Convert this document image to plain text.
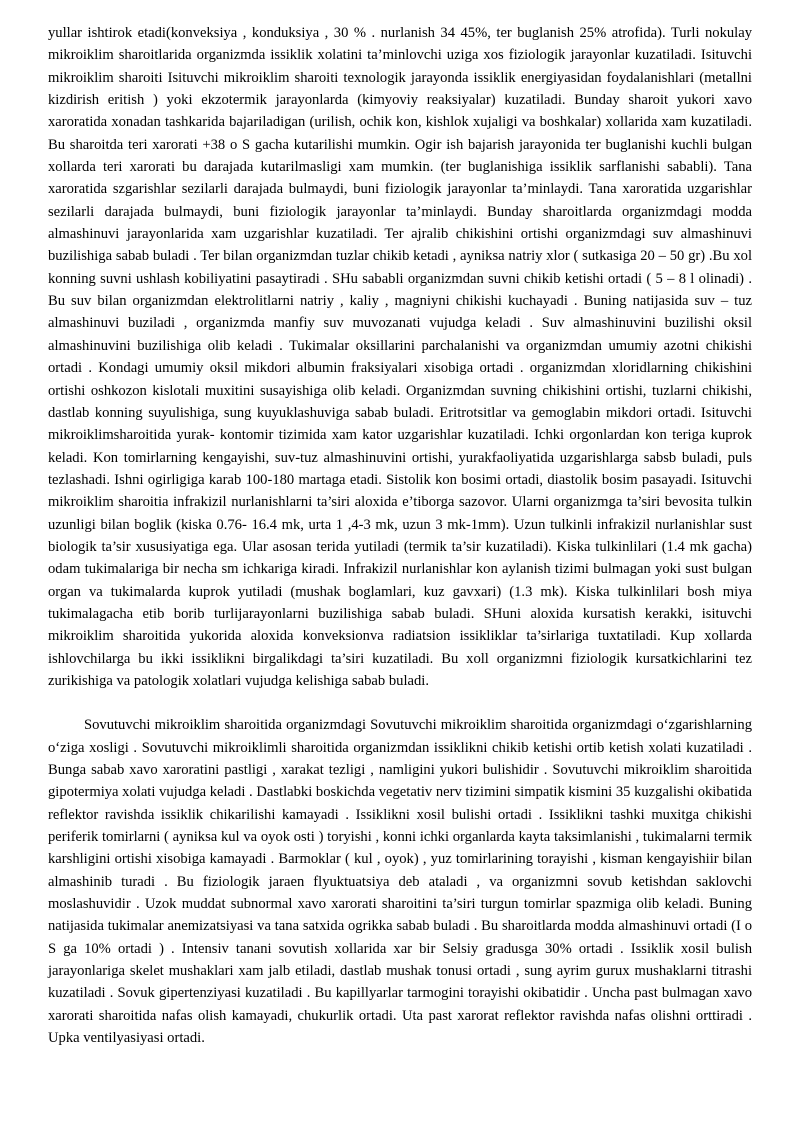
yullar ishtirok etadi(konveksiya , konduksiya , 30 % . nurlanish 34 45%, ter buglanish 25% atrofida). Turli nokulay mikroiklim sharoitlarida organizmda issiklik xolatini ta’minlovchi uziga xos fiziologik jarayonlar kuzatiladi. Isituvchi mikroiklim sharoiti Isituvchi mikroiklim sharoiti texnologik jarayonda issiklik energiyasidan foydalanishlari (metallni kizdirish eritish ) yoki ekzotermik jarayonlarda (kimyoviy reaksiyalar) kuzatiladi. Bunday sharoit yukori xavo xaroratida xonadan tashkarida bajariladigan (urilish, ochik kon, kishlok xujaligi va boshkalar) xollarida xam kuzatiladi. Bu sharoitda teri xarorati +38 o S gacha kutarilishi mumkin. Ogir ish bajarish jarayonida ter buglanishi kuchli bulgan xollarda teri xarorati bu darajada kutarilmasligi xam mumkin. (ter buglanishiga issiklik sarflanishi sababli). Tana xaroratida szgarishlar sezilarli darajada bulmaydi, buni fiziologik jarayonlar ta’minlaydi. Tana xaroratida uzgarishlar sezilarli darajada bulmaydi, buni fiziologik jarayonlar ta’minlaydi. Bunday sharoitlarda organizmdagi modda almashinuvi jarayonlarida xam uzgarishlar kuzatiladi. Ter ajralib chikishini ortishi organizmdagi suv almashinuvi buzilishiga sabab buladi . Ter bilan organizmdan tuzlar chikib ketadi , ayniksa natriy xlor ( sutkasiga 20 – 50 gr) .Bu xol konning suvni ushlash kobiliyatini pasaytiradi . SHu sababli organizmdan suvni chikib ketishi ortadi ( 5 – 8 l olinadi) . Bu suv bilan organizmdan elektrolitlarni natriy , kaliy , magniyni chikishi kuchayadi . Buning natijasida suv – tuz almashinuvi buziladi , organizmda manfiy suv muvozanati vujudga keladi . Suv almashinuvini buzilishi oksil almashinuvini buzilishiga olib keladi . Tukimalar oksillarini parchalanishi va organizmdan umumiy azotni chikishi ortadi . Kondagi umumiy oksil mikdori albumin fraksiyalari xisobiga ortadi . organizmdan xloridlarning chikishini ortishi oshkozon kislotali muxitini susayishiga olib keladi. Organizmdan suvning chikishini ortishi, tuzlarni chikishi, dastlab konning suyulishiga, sung kuyuklashuviga sabab buladi. Eritrotsitlar va gemoglabin mikdori ortadi. Isituvchi mikroiklimsharoitida yurak- kontomir tizimida xam kator uzgarishlar kuzatiladi. Ichki orgonlardan kon teriga kuprok keladi. Kon tomirlarning kengayishi, suv-tuz almashinuvini ortishi, yurakfaoliyatida uzgarishlarga sabsb buladi, puls tezlashadi. Ishni ogirligiga karab 100-180 martaga etadi. Sistolik kon bosimi ortadi, diastolik bosim pasayadi. Isituvchi mikroiklim sharoitia infrakizil nurlanishlarni ta’siri aloxida e’tiborga sazovor. Ularni organizmga ta’siri bevosita tulkin uzunligi bilan boglik (kiska 0.76- 16.4 mk, urta 1 ,4-3 mk, uzun 3 mk-1mm). Uzun tulkinli infrakizil nurlanishlar sust biologik ta’sir xususiyatiga ega. Ular asosan terida yutiladi (termik ta’sir kuzatiladi). Kiska tulkinlilari (1.4 mk gacha) odam tukimalariga bir necha sm ichkariga kiradi. Infrakizil nurlanishlar kon aylanish tizimi bulmagan yoki sust bulgan organ va tukimalarda kuprok yutiladi (mushak boglamlari, kuz gavxari) (1.3 mk). Kiska tulkinlilari bosh miya tukimalagacha etib borib turlijarayonlarni buzilishiga sabab buladi. SHuni aloxida kursatish kerakki, isituvchi mikroiklim sharoitida yukorida aloxida konveksionva radiatsion issikliklar ta’sirlariga tuxtatiladi. Kup xollarda ishlovchilarga bu ikki issiklikni birgalikdagi ta’siri kuzatiladi. Bu xoll organizmni fiziologik kursatkichlarini tez zurikishiga va patologik xolatlari vujudga kelishiga sabab buladi.

Sovutuvchi mikroiklim sharoitida organizmdagi Sovutuvchi mikroiklim sharoitida organizmdagi o‘zgarishlarning o‘ziga xosligi . Sovutuvchi mikroiklimli sharoitida organizmdan issiklikni chikib ketishi ortib ketish xolati kuzatiladi . Bunga sabab xavo xaroratini pastligi , xarakat tezligi , namligini yukori bulishidir . Sovutuvchi mikroiklim sharoitida gipotermiya xolati vujudga keladi . Dastlabki boskichda vegetativ nerv tizimini simpatik kismini 35 kuzgalishi okibatida reflektor ravishda issiklik chikarilishi kamayadi . Issiklikni xosil bulishi ortadi . Issiklikni tashki muxitga chikishi periferik tomirlarni ( ayniksa kul va oyok osti ) toryishi , konni ichki organlarda kayta taksimlanishi , tukimalarni termik karshligini ortishi xisobiga kamayadi . Barmoklar ( kul , oyok) , yuz tomirlarining torayishi , kisman kengayishiir bilan almashinib turadi . Bu fiziologik jaraen flyuktuatsiya deb ataladi , va organizmni sovub ketishdan saklovchi moslashuvidir . Uzok muddat subnormal xavo xarorati sharoitini ta’siri turgun tomirlar spazmiga olib keladi. Buning natijasida tukimalar anemizatsiyasi va tana satxida ogrikka sabab buladi . Bu sharoitlarda modda almashinuvi ortadi (I o S ga 10% ortadi ) . Intensiv tanani sovutish xollarida xar bir Selsiy gradusga 30% ortadi . Issiklik xosil bulish jarayonlariga skelet mushaklari xam jalb etiladi, dastlab mushak tonusi ortadi , sung ayrim gurux mushaklarni titrashi kuzatiladi . Sovuk gipertenziyasi kuzatiladi . Bu kapillyarlar tarmogini torayishi okibatidir . Uncha past bulmagan xavo xarorati sharoitida nafas olish kamayadi, chukurlik ortadi. Uta past xarorat reflektor ravishda nafas olishni orttiradi . Upka ventilyasiyasi ortadi.
